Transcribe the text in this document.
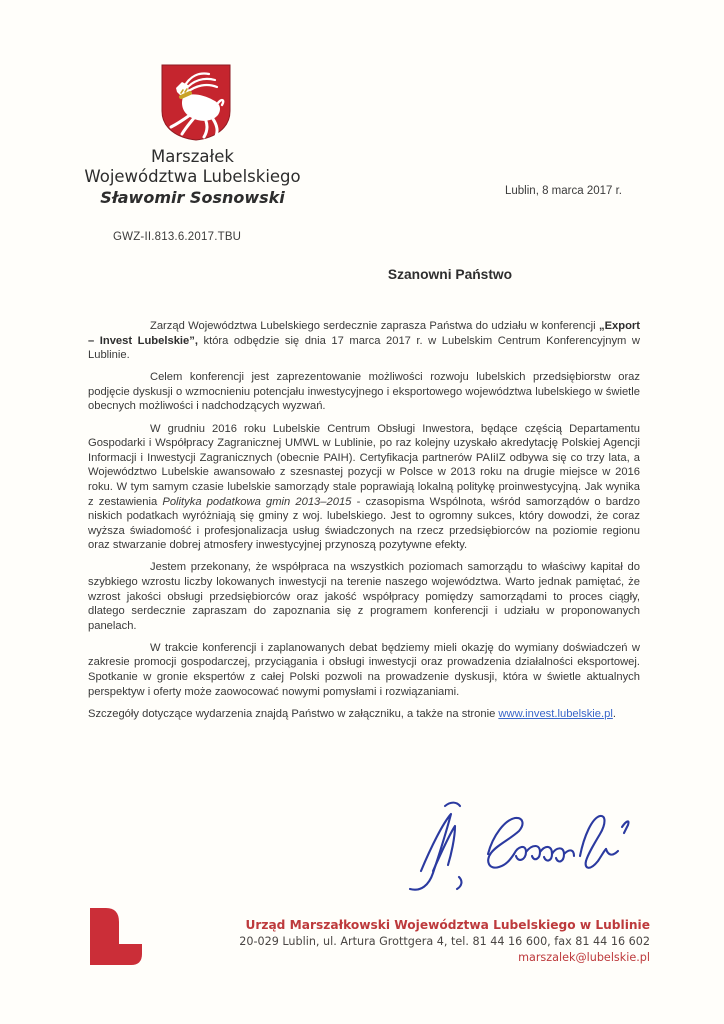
Marszałek
Województwa Lubelskiego
Sławomir Sosnowski	Lublin, 8 marca 2017 r.
GWZ-II.813.6.2017.TBU
Szanowni Państwo

Zarząd Województwa Lubelskiego serdecznie zaprasza Państwa do udziału w konferencji „Export – Invest Lubelskie”, która odbędzie się dnia 17 marca 2017 r. w Lubelskim Centrum Konferencyjnym w Lublinie.

Celem konferencji jest zaprezentowanie możliwości rozwoju lubelskich przedsiębiorstw oraz podjęcie dyskusji o wzmocnieniu potencjału inwestycyjnego i eksportowego województwa lubelskiego w świetle obecnych możliwości i nadchodzących wyzwań.

W grudniu 2016 roku Lubelskie Centrum Obsługi Inwestora, będące częścią Departamentu Gospodarki i Współpracy Zagranicznej UMWL w Lublinie, po raz kolejny uzyskało akredytację Polskiej Agencji Informacji i Inwestycji Zagranicznych (obecnie PAIH). Certyfikacja partnerów PAIiIZ odbywa się co trzy lata, a Województwo Lubelskie awansowało z szesnastej pozycji w Polsce w 2013 roku na drugie miejsce w 2016 roku. W tym samym czasie lubelskie samorządy stale poprawiają lokalną politykę proinwestycyjną. Jak wynika z zestawienia Polityka podatkowa gmin 2013–2015 - czasopisma Wspólnota, wśród samorządów o bardzo niskich podatkach wyróżniają się gminy z woj. lubelskiego. Jest to ogromny sukces, który dowodzi, że coraz wyższa świadomość i profesjonalizacja usług świadczonych na rzecz przedsiębiorców na poziomie regionu oraz stwarzanie dobrej atmosfery inwestycyjnej przynoszą pozytywne efekty.

Jestem przekonany, że współpraca na wszystkich poziomach samorządu to właściwy kapitał do szybkiego wzrostu liczby lokowanych inwestycji na terenie naszego województwa. Warto jednak pamiętać, że wzrost jakości obsługi przedsiębiorców oraz jakość współpracy pomiędzy samorządami to proces ciągły, dlatego serdecznie zapraszam do zapoznania się z programem konferencji i udziału w proponowanych panelach.

W trakcie konferencji i zaplanowanych debat będziemy mieli okazję do wymiany doświadczeń w zakresie promocji gospodarczej, przyciągania i obsługi inwestycji oraz prowadzenia działalności eksportowej. Spotkanie w gronie ekspertów z całej Polski pozwoli na prowadzenie dyskusji, która w świetle aktualnych perspektyw i oferty może zaowocować nowymi pomysłami i rozwiązaniami.

Szczegóły dotyczące wydarzenia znajdą Państwo w załączniku, a także na stronie www.invest.lubelskie.pl.

Urząd Marszałkowski Województwa Lubelskiego w Lublinie
20-029 Lublin, ul. Artura Grottgera 4, tel. 81 44 16 600, fax 81 44 16 602
marszalek@lubelskie.pl
